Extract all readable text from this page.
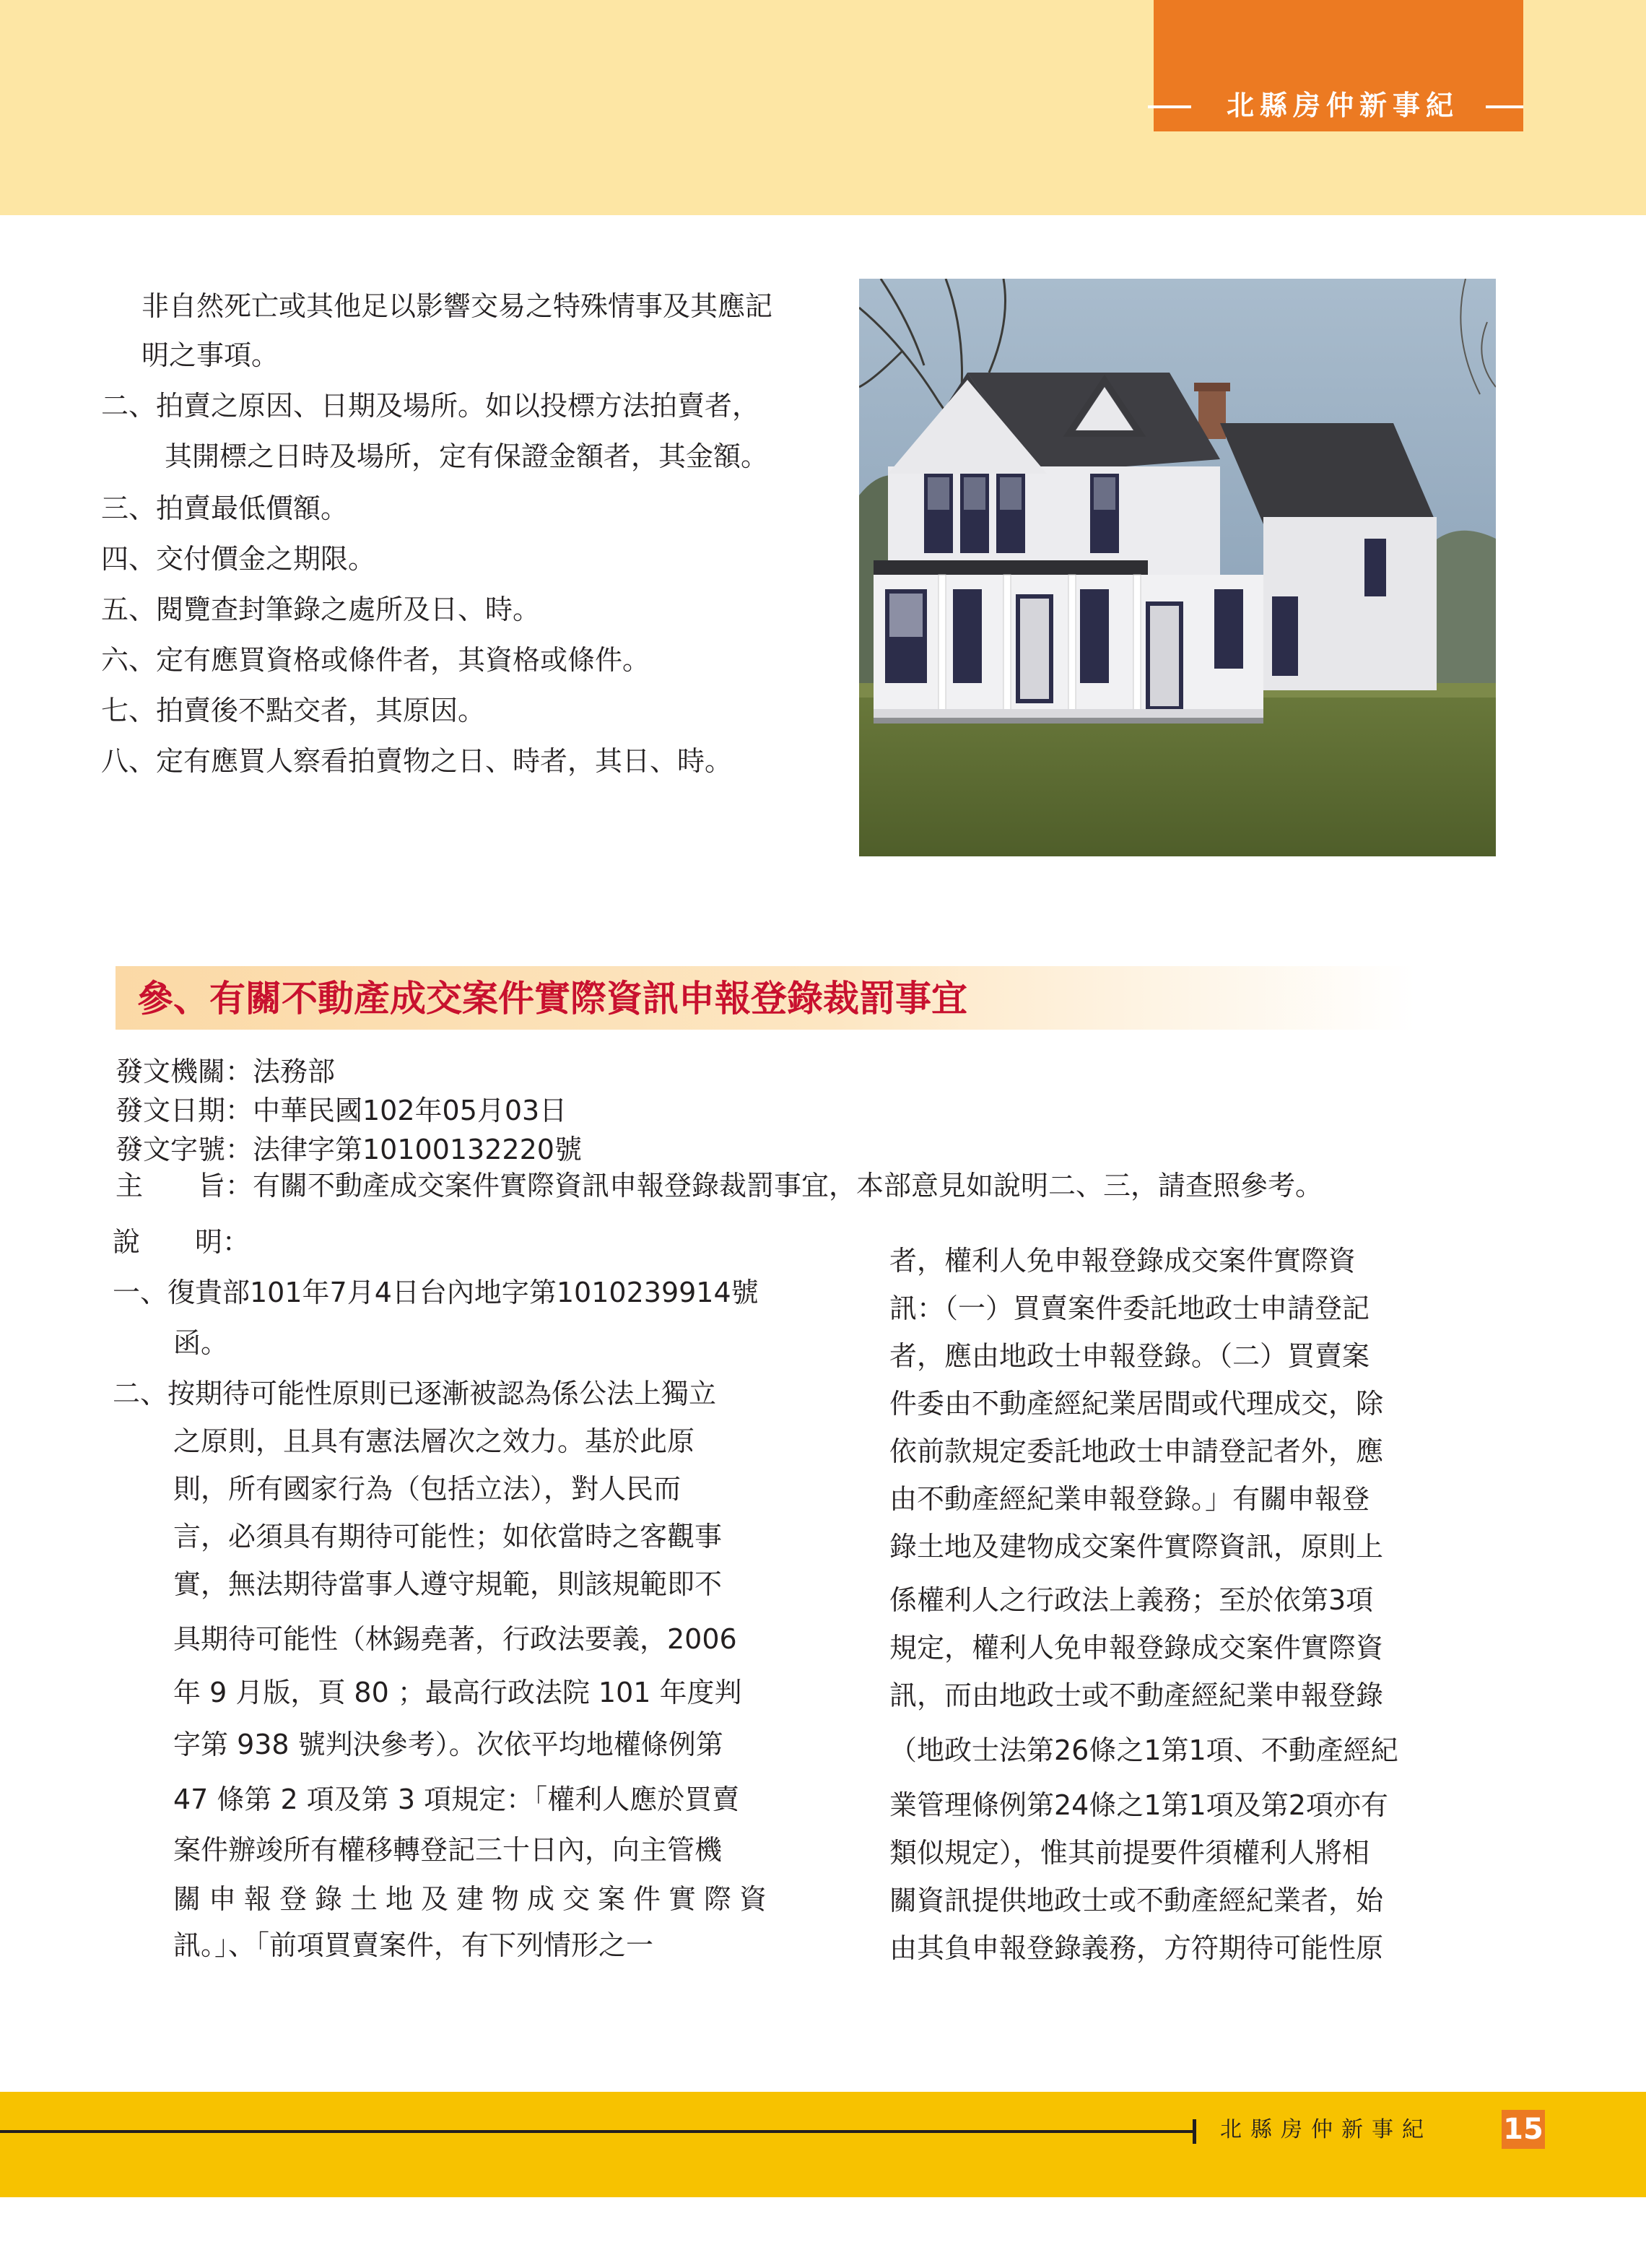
北縣房仲新事紀
非自然死亡或其他足以影響交易之特殊情事及其應記
明之事項。
二、拍賣之原因、日期及場所。如以投標方法拍賣者，
其開標之日時及場所，定有保證金額者，其金額。
三、拍賣最低價額。
四、交付價金之期限。
五、閱覽查封筆錄之處所及日、時。
六、定有應買資格或條件者，其資格或條件。
七、拍賣後不點交者，其原因。
八、定有應買人察看拍賣物之日、時者，其日、時。
參、有關不動產成交案件實際資訊申報登錄裁罰事宜
發文機關：法務部
發文日期：中華民國102年05月03日
發文字號：法律字第10100132220號
主　　旨：有關不動產成交案件實際資訊申報登錄裁罰事宜，本部意見如說明二、三，請查照參考。
說　　明：
一、復貴部101年7月4日台內地字第1010239914號
函。
二、按期待可能性原則已逐漸被認為係公法上獨立
之原則，且具有憲法層次之效力。基於此原
則，所有國家行為（包括立法），對人民而
言，必須具有期待可能性；如依當時之客觀事
實，無法期待當事人遵守規範，則該規範即不
具期待可能性（林錫堯著，行政法要義，2006
年 9 月版，頁 80 ；最高行政法院 101 年度判
字第 938 號判決參考）。次依平均地權條例第
47 條第 2 項及第 3 項規定：「權利人應於買賣
案件辦竣所有權移轉登記三十日內，向主管機
關申報登錄土地及建物成交案件實際資
訊。」、「前項買賣案件，有下列情形之一
者，權利人免申報登錄成交案件實際資
訊：（一）買賣案件委託地政士申請登記
者，應由地政士申報登錄。（二）買賣案
件委由不動產經紀業居間或代理成交，除
依前款規定委託地政士申請登記者外，應
由不動產經紀業申報登錄。」有關申報登
錄土地及建物成交案件實際資訊，原則上
係權利人之行政法上義務；至於依第3項
規定，權利人免申報登錄成交案件實際資
訊，而由地政士或不動產經紀業申報登錄
（地政士法第26條之1第1項、不動產經紀
業管理條例第24條之1第1項及第2項亦有
類似規定），惟其前提要件須權利人將相
關資訊提供地政士或不動產經紀業者，始
由其負申報登錄義務，方符期待可能性原
北縣房仲新事紀 15
